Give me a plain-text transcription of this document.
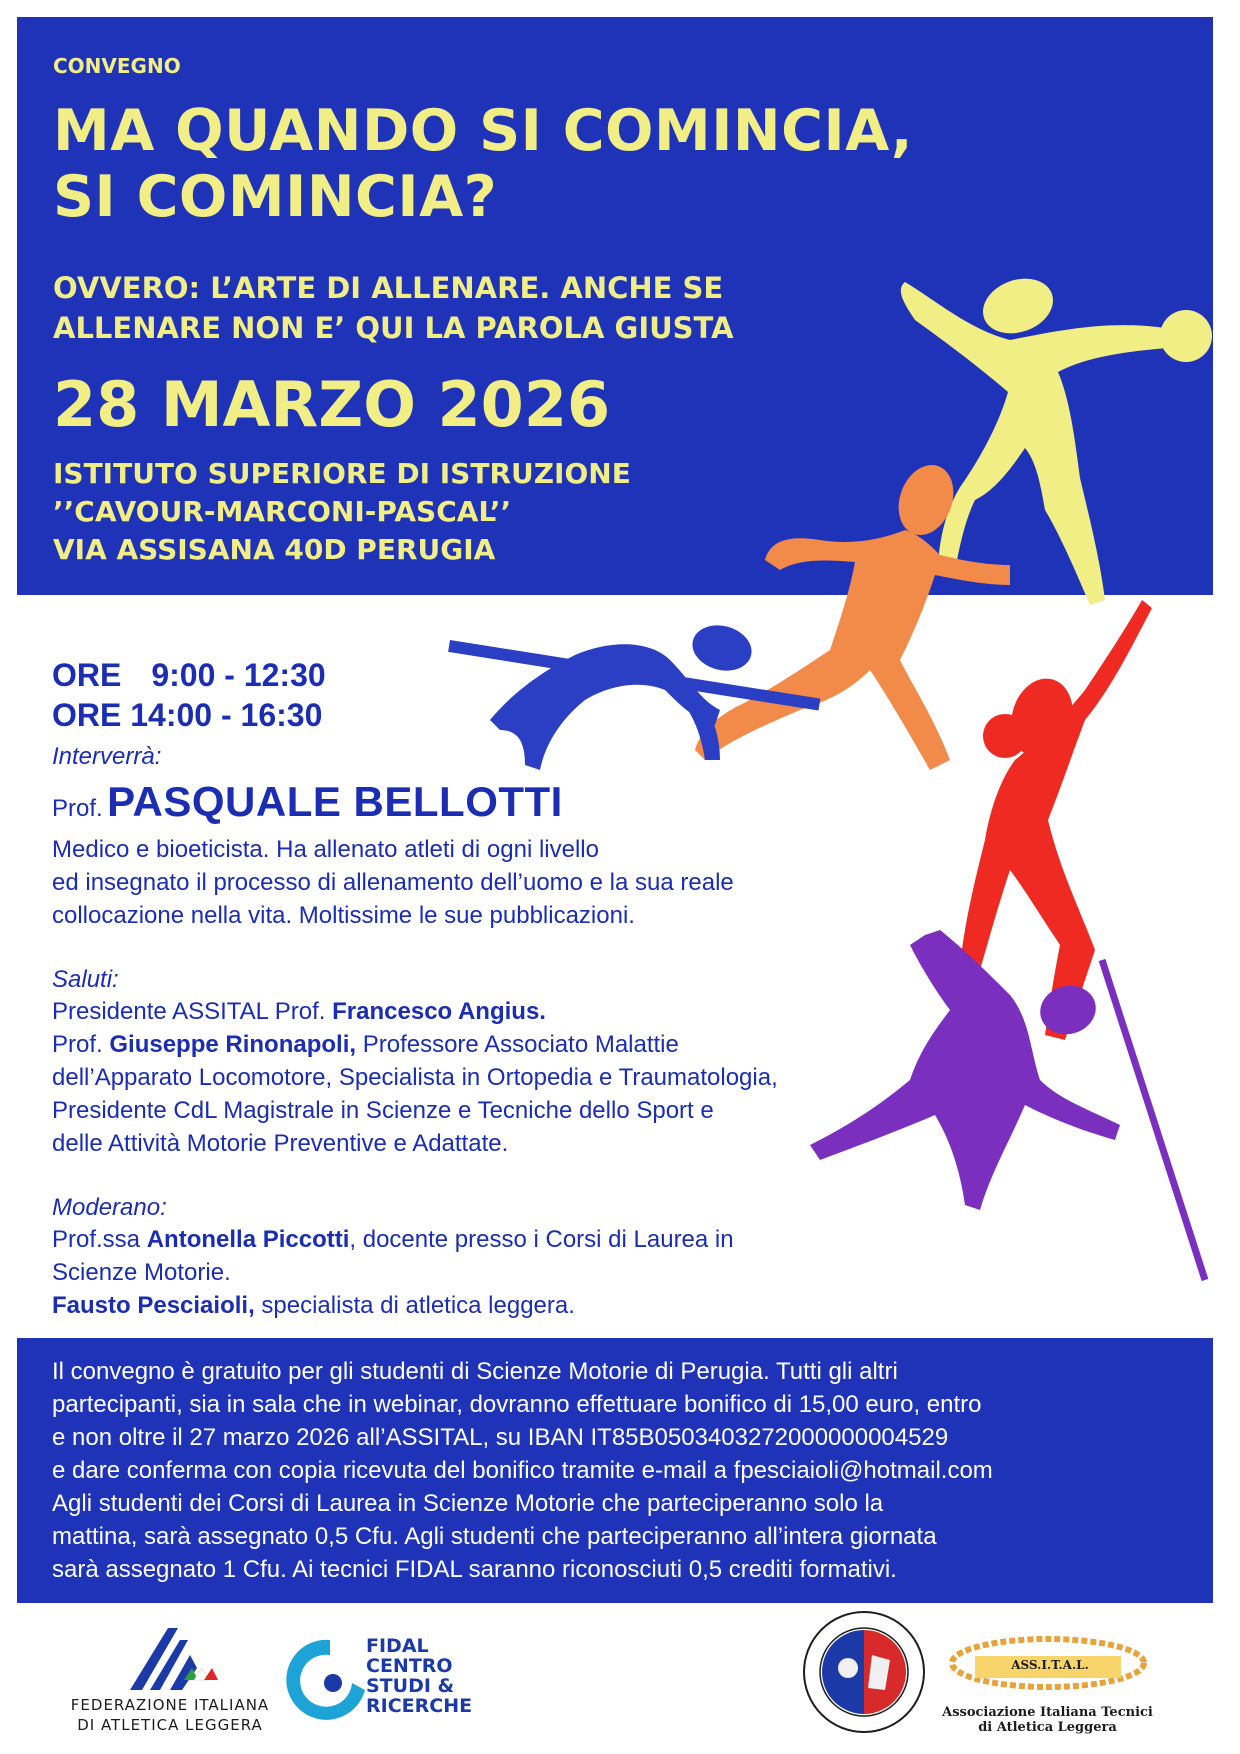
CONVEGNO
MA QUANDO SI COMINCIA,
SI COMINCIA?
OVVERO: L’ARTE DI ALLENARE. ANCHE SE
ALLENARE NON E’ QUI LA PAROLA GIUSTA
28 MARZO 2026
ISTITUTO SUPERIORE DI ISTRUZIONE
’’CAVOUR-MARCONI-PASCAL’’
VIA ASSISANA 40D PERUGIA
ORE 9:00 - 12:30
ORE 14:00 - 16:30
Interverrà:
Prof. PASQUALE BELLOTTI
Medico e bioeticista. Ha allenato atleti di ogni livello
ed insegnato il processo di allenamento dell’uomo e la sua reale
collocazione nella vita. Moltissime le sue pubblicazioni.
Saluti:
Presidente ASSITAL Prof. Francesco Angius.
Prof. Giuseppe Rinonapoli, Professore Associato Malattie
dell’Apparato Locomotore, Specialista in Ortopedia e Traumatologia,
Presidente CdL Magistrale in Scienze e Tecniche dello Sport e
delle Attività Motorie Preventive e Adattate.
Moderano:
Prof.ssa Antonella Piccotti, docente presso i Corsi di Laurea in
Scienze Motorie.
Fausto Pesciaioli, specialista di atletica leggera.
Il convegno è gratuito per gli studenti di Scienze Motorie di Perugia. Tutti gli altri
partecipanti, sia in sala che in webinar, dovranno effettuare bonifico di 15,00 euro, entro
e non oltre il 27 marzo 2026 all’ASSITAL, su IBAN IT85B0503403272000000004529
e dare conferma con copia ricevuta del bonifico tramite e-mail a fpesciaioli@hotmail.com
Agli studenti dei Corsi di Laurea in Scienze Motorie che parteciperanno solo la
mattina, sarà assegnato 0,5 Cfu. Agli studenti che parteciperanno all’intera giornata
sarà assegnato 1 Cfu. Ai tecnici FIDAL saranno riconosciuti 0,5 crediti formativi.
FEDERAZIONE ITALIANA
DI ATLETICA LEGGERA
FIDAL
CENTRO
STUDI &
RICERCHE
ASS.I.T.A.L.
Associazione Italiana Tecnici
di Atletica Leggera
